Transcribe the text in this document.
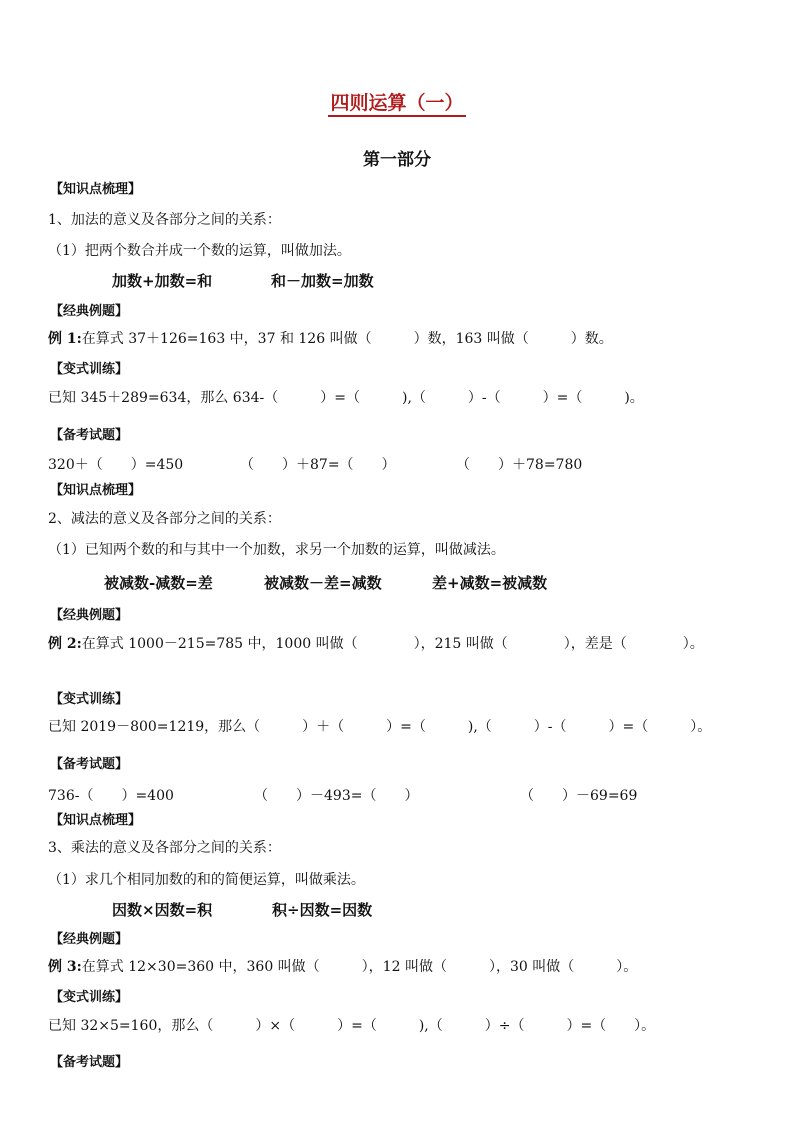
四则运算（一）
第一部分
【知识点梳理】
1、加法的意义及各部分之间的关系：
（1）把两个数合并成一个数的运算，叫做加法。
加数+加数=和	和－加数=加数
【经典例题】
例 1:在算式 37＋126=163 中，37 和 126 叫做（　　　）数，163 叫做（　　　）数。
【变式训练】
已知 345＋289=634，那么 634-（　　　）=（　　　),（　　　）-（　　　）=（　　　)。
【备考试题】
320＋（　　）=450	（　　）＋87=（　　）	（　　）＋78=780
【知识点梳理】
2、减法的意义及各部分之间的关系：
（1）已知两个数的和与其中一个加数，求另一个加数的运算，叫做减法。
被减数-减数=差	被减数－差=减数	差+减数=被减数
【经典例题】
例 2:在算式 1000－215=785 中，1000 叫做（　　　　），215 叫做（　　　　），差是（　　　　）。
【变式训练】
已知 2019－800=1219，那么（　　　）＋（　　　）=（　　　),（　　　）-（　　　）=（　　　）。
【备考试题】
736-（　　）=400	（　　）－493=（　　）	（　　）－69=69
【知识点梳理】
3、乘法的意义及各部分之间的关系：
（1）求几个相同加数的和的简便运算，叫做乘法。
因数×因数=积	积÷因数=因数
【经典例题】
例 3:在算式 12×30=360 中，360 叫做（　　　），12 叫做（　　　），30 叫做（　　　）。
【变式训练】
已知 32×5=160，那么（　　　）×（　　　）=（　　　),（　　　）÷（　　　）=（　　）。
【备考试题】
